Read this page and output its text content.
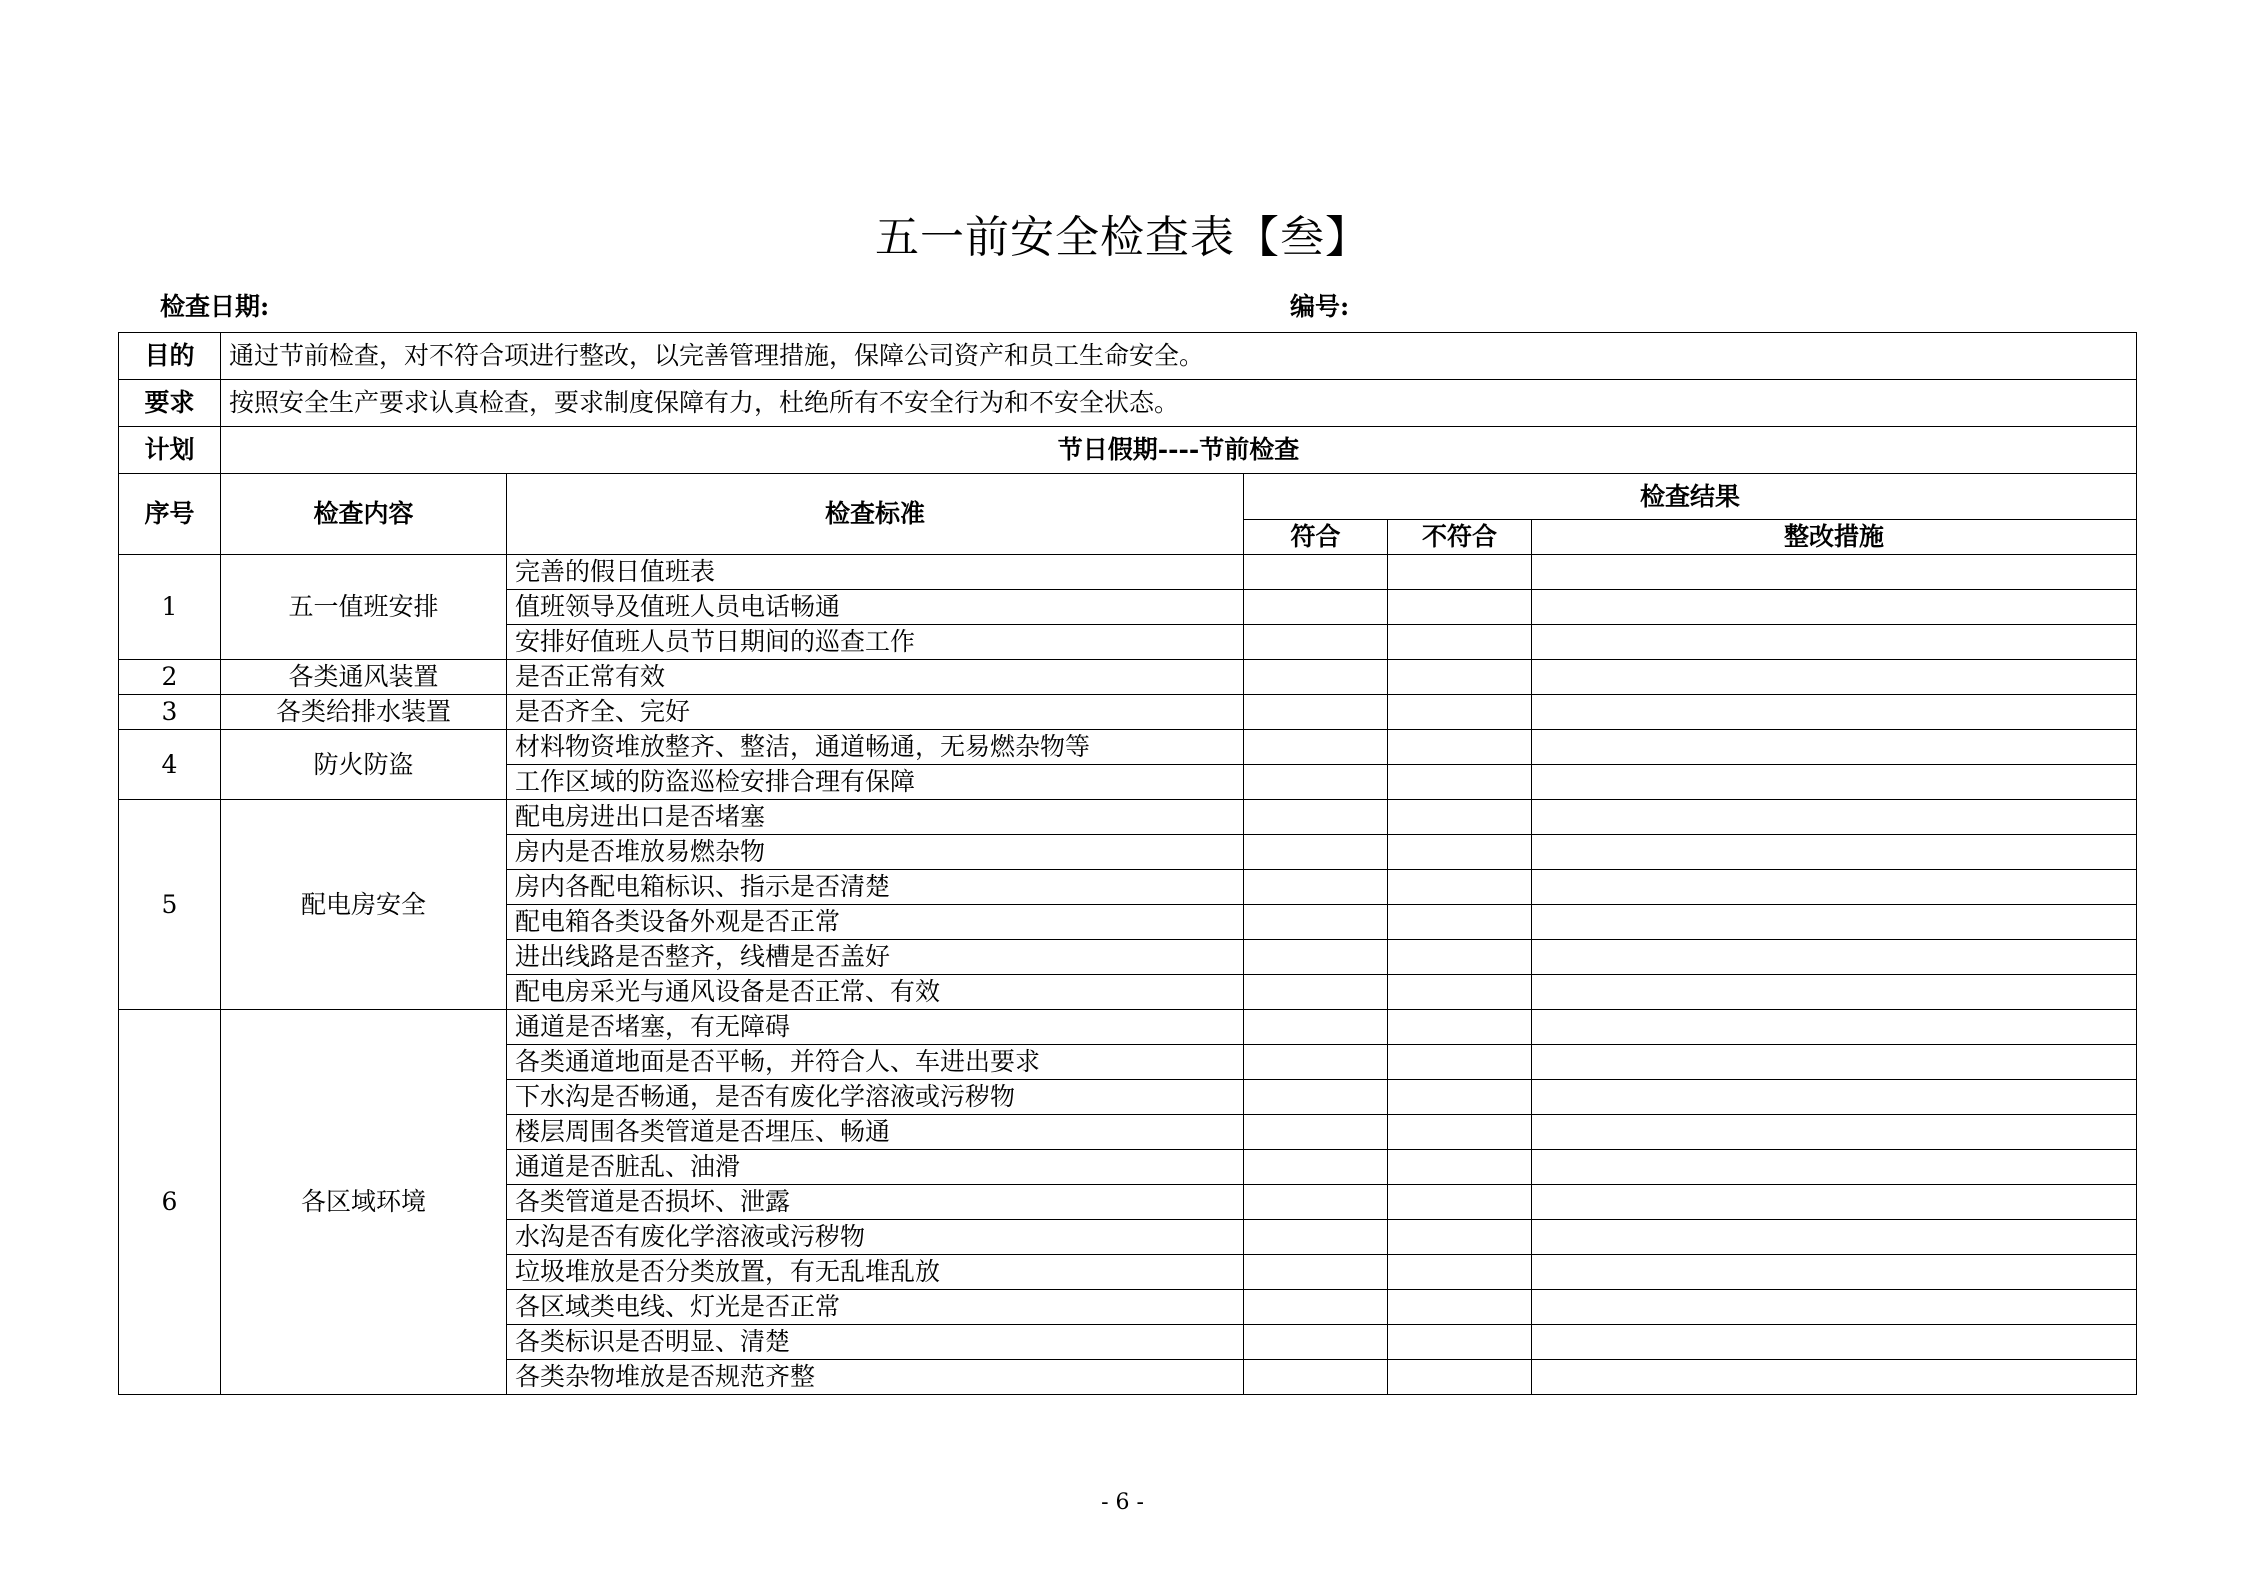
五一前安全检查表【叁】
检查日期:	编号:
目的	通过节前检查，对不符合项进行整改，以完善管理措施，保障公司资产和员工生命安全。				
要求	按照安全生产要求认真检查，要求制度保障有力，杜绝所有不安全行为和不安全状态。				
计划	节日假期----节前检查				
序号	检查内容	检查标准	检查结果		
			符合	不符合	整改措施
1	五一值班安排	完善的假日值班表			
		值班领导及值班人员电话畅通			
		安排好值班人员节日期间的巡查工作			
2	各类通风装置	是否正常有效			
3	各类给排水装置	是否齐全、完好			
4	防火防盗	材料物资堆放整齐、整洁，通道畅通，无易燃杂物等			
		工作区域的防盗巡检安排合理有保障			
5	配电房安全	配电房进出口是否堵塞			
		房内是否堆放易燃杂物			
		房内各配电箱标识、指示是否清楚			
		配电箱各类设备外观是否正常			
		进出线路是否整齐，线槽是否盖好			
		配电房采光与通风设备是否正常、有效			
6	各区域环境	通道是否堵塞，有无障碍			
		各类通道地面是否平畅，并符合人、车进出要求			
		下水沟是否畅通，是否有废化学溶液或污秽物			
		楼层周围各类管道是否埋压、畅通			
		通道是否脏乱、油滑			
		各类管道是否损坏、泄露			
		水沟是否有废化学溶液或污秽物			
		垃圾堆放是否分类放置，有无乱堆乱放			
		各区域类电线、灯光是否正常			
		各类标识是否明显、清楚			
		各类杂物堆放是否规范齐整			
- 6 -
